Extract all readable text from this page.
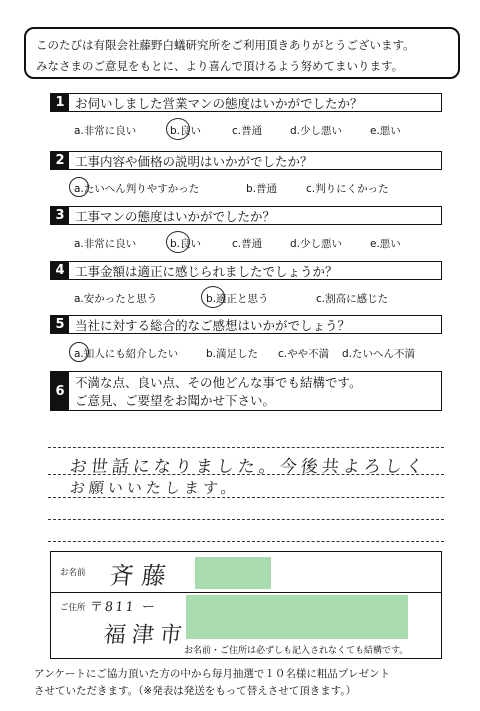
このたびは有限会社藤野白蟻研究所をご利用頂きありがとうございます。
みなさまのご意見をもとに、より喜んで頂けるよう努めてまいります。
1 お伺いしました営業マンの態度はいかがでしたか？
a.非常に良い	b.良い	c.普通	d.少し悪い	e.悪い
2 工事内容や価格の説明はいかがでしたか？
a.たいへん判りやすかった	b.普通	c.判りにくかった
3 工事マンの態度はいかがでしたか？
a.非常に良い	b.良い	c.普通	d.少し悪い	e.悪い
4 工事金額は適正に感じられましたでしょうか？
a.安かったと思う	b.適正と思う	c.割高に感じた
5 当社に対する総合的なご感想はいかがでしょう？
a.知人にも紹介したい	b.満足した c.やや不満 d.たいへん不満
6
不満な点、良い点、その他どんな事でも結構です。
ご意見、ご要望をお聞かせ下さい。
お世話になりました。今後共よろしく
お願いいたします。
お名前 斉藤
ご住所 〒811 ー
福津市
お名前・ご住所は必ずしも記入されなくても結構です。
アンケートにご協力頂いた方の中から毎月抽選で１０名様に粗品プレゼント
させていただきます。（※発表は発送をもって替えさせて頂きます。）
